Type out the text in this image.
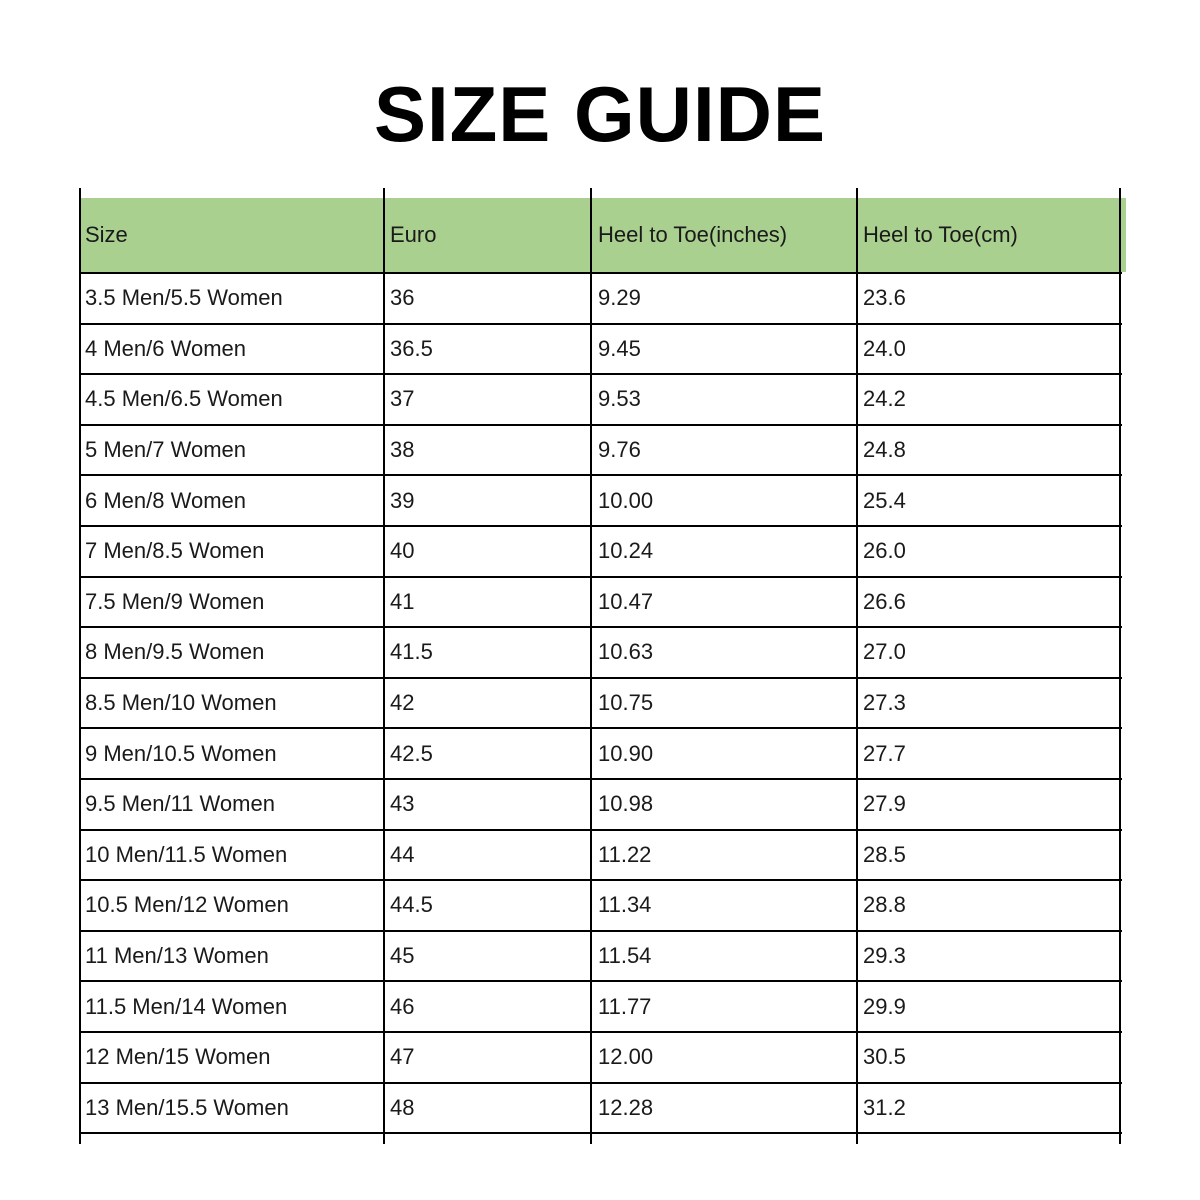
SIZE GUIDE
Size	Euro	Heel to Toe(inches)	Heel to Toe(cm)
3.5 Men/5.5 Women	36	9.29	23.6
4 Men/6 Women	36.5	9.45	24.0
4.5 Men/6.5 Women	37	9.53	24.2
5 Men/7 Women	38	9.76	24.8
6 Men/8 Women	39	10.00	25.4
7 Men/8.5 Women	40	10.24	26.0
7.5 Men/9 Women	41	10.47	26.6
8 Men/9.5 Women	41.5	10.63	27.0
8.5 Men/10 Women	42	10.75	27.3
9 Men/10.5 Women	42.5	10.90	27.7
9.5 Men/11 Women	43	10.98	27.9
10 Men/11.5 Women	44	11.22	28.5
10.5 Men/12 Women	44.5	11.34	28.8
11 Men/13 Women	45	11.54	29.3
11.5 Men/14 Women	46	11.77	29.9
12 Men/15 Women	47	12.00	30.5
13 Men/15.5 Women	48	12.28	31.2
